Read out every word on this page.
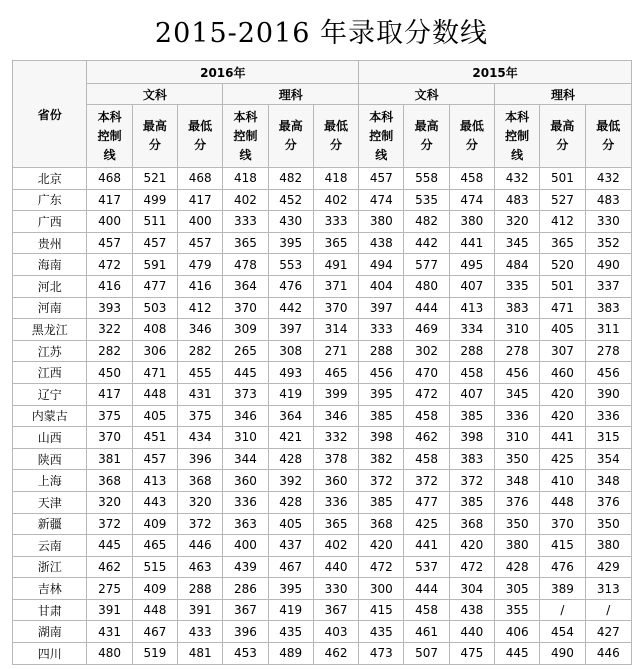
2015-2016 年录取分数线
省份	2016年						2015年					
	文科			理科			文科			理科		
	本科控制线	最高分	最低分	本科控制线	最高分	最低分	本科控制线	最高分	最低分	本科控制线	最高分	最低分
北京	468	521	468	418	482	418	457	558	458	432	501	432
广东	417	499	417	402	452	402	474	535	474	483	527	483
广西	400	511	400	333	430	333	380	482	380	320	412	330
贵州	457	457	457	365	395	365	438	442	441	345	365	352
海南	472	591	479	478	553	491	494	577	495	484	520	490
河北	416	477	416	364	476	371	404	480	407	335	501	337
河南	393	503	412	370	442	370	397	444	413	383	471	383
黑龙江	322	408	346	309	397	314	333	469	334	310	405	311
江苏	282	306	282	265	308	271	288	302	288	278	307	278
江西	450	471	455	445	493	465	456	470	458	456	460	456
辽宁	417	448	431	373	419	399	395	472	407	345	420	390
内蒙古	375	405	375	346	364	346	385	458	385	336	420	336
山西	370	451	434	310	421	332	398	462	398	310	441	315
陕西	381	457	396	344	428	378	382	458	383	350	425	354
上海	368	413	368	360	392	360	372	372	372	348	410	348
天津	320	443	320	336	428	336	385	477	385	376	448	376
新疆	372	409	372	363	405	365	368	425	368	350	370	350
云南	445	465	446	400	437	402	420	441	420	380	415	380
浙江	462	515	463	439	467	440	472	537	472	428	476	429
吉林	275	409	288	286	395	330	300	444	304	305	389	313
甘肃	391	448	391	367	419	367	415	458	438	355	/	/
湖南	431	467	433	396	435	403	435	461	440	406	454	427
四川	480	519	481	453	489	462	473	507	475	445	490	446
